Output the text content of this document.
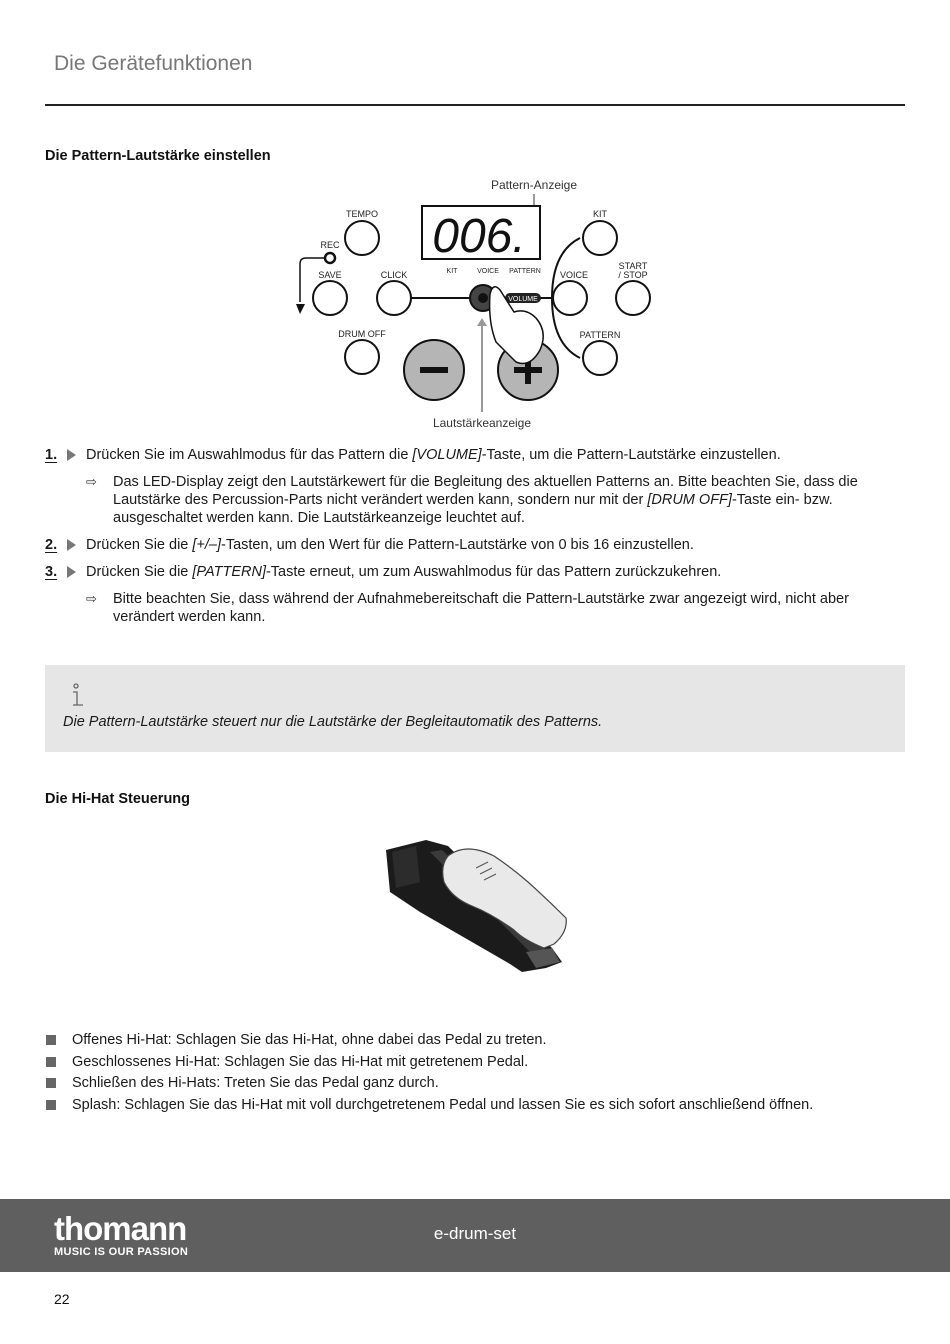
Die Gerätefunktionen
Die Pattern-Lautstärke einstellen
Pattern-Anzeige
006.
KIT	VOICE PATTERN
TEMPO
REC
SAVE	CLICK
DRUM OFF
VOLUME
KIT
VOICE
START
/ STOP
PATTERN
Lautstärkeanzeige
1. Drücken Sie im Auswahlmodus für das Pattern die [VOLUME]-Taste, um die Pattern-Lautstärke einzustellen.
⇨ Das LED-Display zeigt den Lautstärkewert für die Begleitung des aktuellen Patterns an. Bitte beachten Sie, dass die Lautstärke des Percussion-Parts nicht verändert werden kann, sondern nur mit der [DRUM OFF]-Taste ein- bzw. ausgeschaltet werden kann. Die Lautstärkeanzeige leuchtet auf.
2. Drücken Sie die [+/–]-Tasten, um den Wert für die Pattern-Lautstärke von 0 bis 16 einzustellen.
3. Drücken Sie die [PATTERN]-Taste erneut, um zum Auswahlmodus für das Pattern zurückzukehren.
⇨ Bitte beachten Sie, dass während der Aufnahmebereitschaft die Pattern-Lautstärke zwar angezeigt wird, nicht aber verändert werden kann.
Die Pattern-Lautstärke steuert nur die Lautstärke der Begleitautomatik des Patterns.
Die Hi-Hat Steuerung
Offenes Hi-Hat: Schlagen Sie das Hi-Hat, ohne dabei das Pedal zu treten.
Geschlossenes Hi-Hat: Schlagen Sie das Hi-Hat mit getretenem Pedal.
Schließen des Hi-Hats: Treten Sie das Pedal ganz durch.
Splash: Schlagen Sie das Hi-Hat mit voll durchgetretenem Pedal und lassen Sie es sich sofort anschließend öffnen.
thomann
MUSIC IS OUR PASSION
e-drum-set
22
